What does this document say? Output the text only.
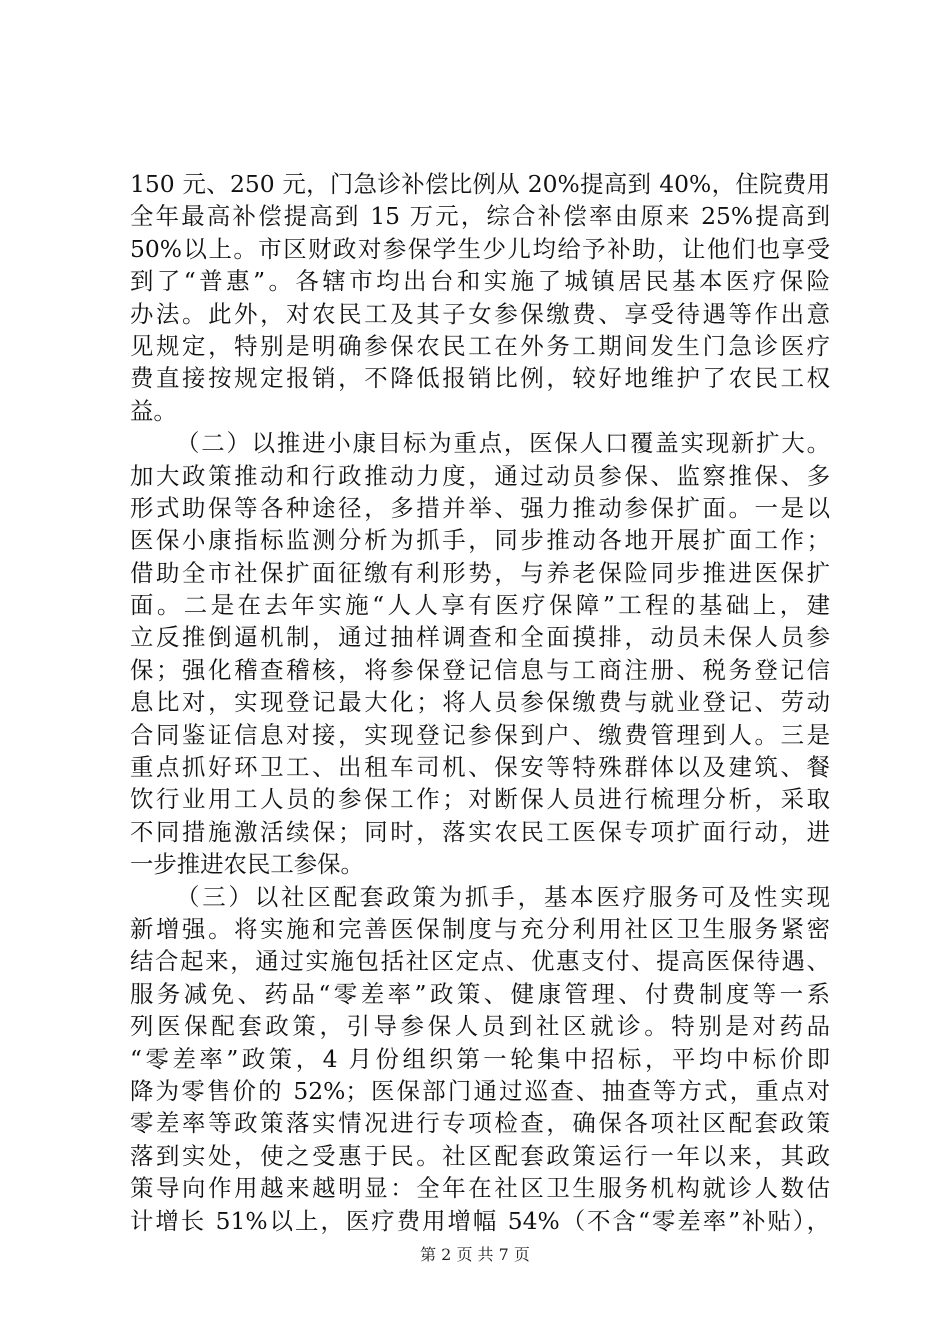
150 元、250 元，门急诊补偿比例从 20%提高到 40%，住院费用
全年最高补偿提高到 15 万元，综合补偿率由原来 25%提高到
50%以上。市区财政对参保学生少儿均给予补助，让他们也享受
到了“普惠”。各辖市均出台和实施了城镇居民基本医疗保险
办法。此外，对农民工及其子女参保缴费、享受待遇等作出意
见规定，特别是明确参保农民工在外务工期间发生门急诊医疗
费直接按规定报销，不降低报销比例，较好地维护了农民工权
益。
（二）以推进小康目标为重点，医保人口覆盖实现新扩大。
加大政策推动和行政推动力度，通过动员参保、监察推保、多
形式助保等各种途径，多措并举、强力推动参保扩面。一是以
医保小康指标监测分析为抓手，同步推动各地开展扩面工作；
借助全市社保扩面征缴有利形势，与养老保险同步推进医保扩
面。二是在去年实施“人人享有医疗保障”工程的基础上，建
立反推倒逼机制，通过抽样调查和全面摸排，动员未保人员参
保；强化稽查稽核，将参保登记信息与工商注册、税务登记信
息比对，实现登记最大化；将人员参保缴费与就业登记、劳动
合同鉴证信息对接，实现登记参保到户、缴费管理到人。三是
重点抓好环卫工、出租车司机、保安等特殊群体以及建筑、餐
饮行业用工人员的参保工作；对断保人员进行梳理分析，采取
不同措施激活续保；同时，落实农民工医保专项扩面行动，进
一步推进农民工参保。
（三）以社区配套政策为抓手，基本医疗服务可及性实现
新增强。将实施和完善医保制度与充分利用社区卫生服务紧密
结合起来，通过实施包括社区定点、优惠支付、提高医保待遇、
服务减免、药品“零差率”政策、健康管理、付费制度等一系
列医保配套政策，引导参保人员到社区就诊。特别是对药品
“零差率”政策，4 月份组织第一轮集中招标，平均中标价即
降为零售价的 52%；医保部门通过巡查、抽查等方式，重点对
零差率等政策落实情况进行专项检查，确保各项社区配套政策
落到实处，使之受惠于民。社区配套政策运行一年以来，其政
策导向作用越来越明显：全年在社区卫生服务机构就诊人数估
计增长 51%以上，医疗费用增幅 54%（不含“零差率”补贴），
第 2 页 共 7 页
